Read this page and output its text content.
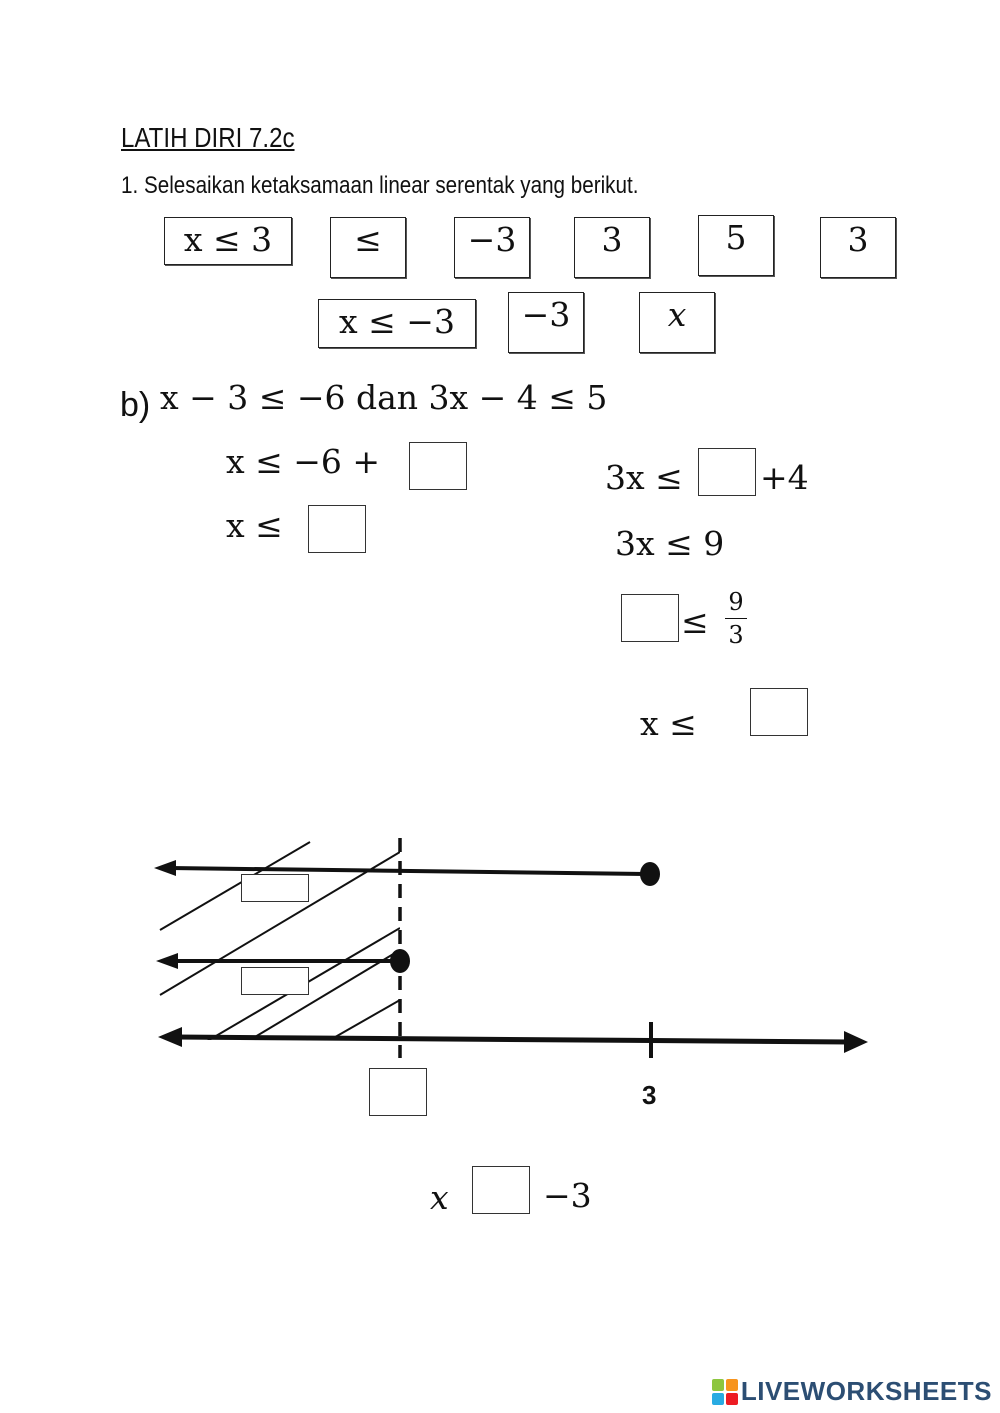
LATIH DIRI 7.2c
1. Selesaikan ketaksamaan linear serentak yang berikut.
x ≤ 3 ≤	−3	3	5	3
x ≤ −3 −3	x
b) x − 3 ≤ −6 dan 3x − 4 ≤ 5
x ≤ −6 +
x ≤
3x ≤ +4
3x ≤ 9
≤ 9
3
x ≤
3
x	−3
LIVEWORKSHEETS
